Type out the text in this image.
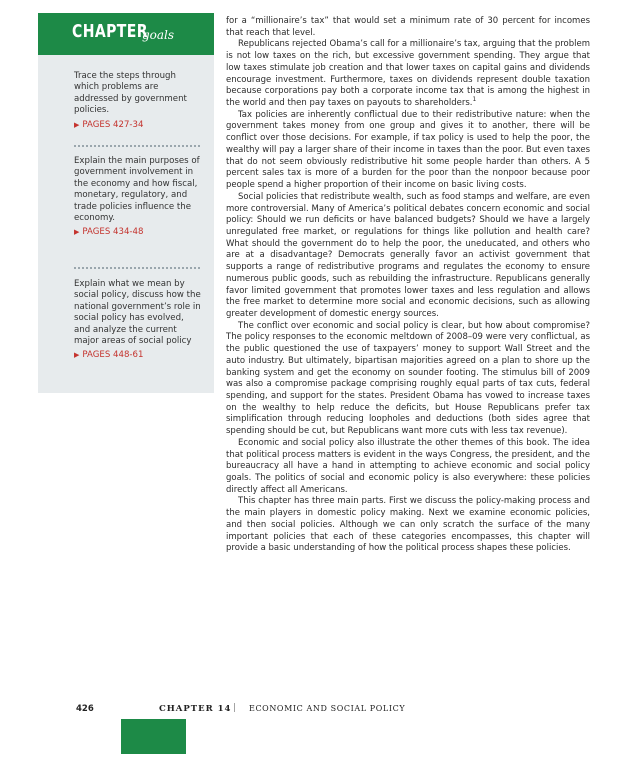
CHAPTER
goals

Trace the steps through which problems are addressed by government policies.

▶ PAGES 427-34

Explain the main purposes of government involvement in the economy and how fiscal, monetary, regulatory, and trade policies influence the economy.

▶ PAGES 434-48

Explain what we mean by social policy, discuss how the national government’s role in social policy has evolved, and analyze the current major areas of social policy

▶ PAGES 448-61

for a “millionaire’s tax” that would set a minimum rate of 30 percent for incomes that reach that level.

Republicans rejected Obama’s call for a millionaire’s tax, arguing that the problem is not low taxes on the rich, but excessive government spending. They argue that low taxes stimulate job creation and that lower taxes on capital gains and dividends encourage investment. Furthermore, taxes on dividends represent double taxation because corporations pay both a corporate income tax that is among the highest in the world and then pay taxes on payouts to shareholders.$^1$

Tax policies are inherently conflictual due to their redistributive nature: when the government takes money from one group and gives it to another, there will be conflict over those decisions. For example, if tax policy is used to help the poor, the wealthy will pay a larger share of their income in taxes than the poor. But even taxes that do not seem obviously redistributive hit some people harder than others. A 5 percent sales tax is more of a burden for the poor than the nonpoor because poor people spend a higher proportion of their income on basic living costs.

Social policies that redistribute wealth, such as food stamps and welfare, are even more controversial. Many of America’s political debates concern economic and social policy: Should we run deficits or have balanced budgets? Should we have a largely unregulated free market, or regulations for things like pollution and health care? What should the government do to help the poor, the uneducated, and others who are at a disadvantage? Democrats generally favor an activist government that supports a range of redistributive programs and regulates the economy to ensure numerous public goods, such as rebuilding the infrastructure. Republicans generally favor limited government that promotes lower taxes and less regulation and allows the free market to determine more social and economic decisions, such as allowing greater development of domestic energy sources.

The conflict over economic and social policy is clear, but how about compromise? The policy responses to the economic meltdown of 2008–09 were very conflictual, as the public questioned the use of taxpayers’ money to support Wall Street and the auto industry. But ultimately, bipartisan majorities agreed on a plan to shore up the banking system and get the economy on sounder footing. The stimulus bill of 2009 was also a compromise package comprising roughly equal parts of tax cuts, federal spending, and support for the states. President Obama has vowed to increase taxes on the wealthy to help reduce the deficits, but House Republicans prefer tax simplification through reducing loopholes and deductions (both sides agree that spending should be cut, but Republicans want more cuts with less tax revenue).

Economic and social policy also illustrate the other themes of this book. The idea that political process matters is evident in the ways Congress, the president, and the bureaucracy all have a hand in attempting to achieve economic and social policy goals. The politics of social and economic policy is also everywhere: these policies directly affect all Americans.

This chapter has three main parts. First we discuss the policy-making process and the main players in domestic policy making. Next we examine economic policies, and then social policies. Although we can only scratch the surface of the many important policies that each of these categories encompasses, this chapter will provide a basic understanding of how the political process shapes these policies.

426	CHAPTER 14 | ECONOMIC AND SOCIAL POLICY
